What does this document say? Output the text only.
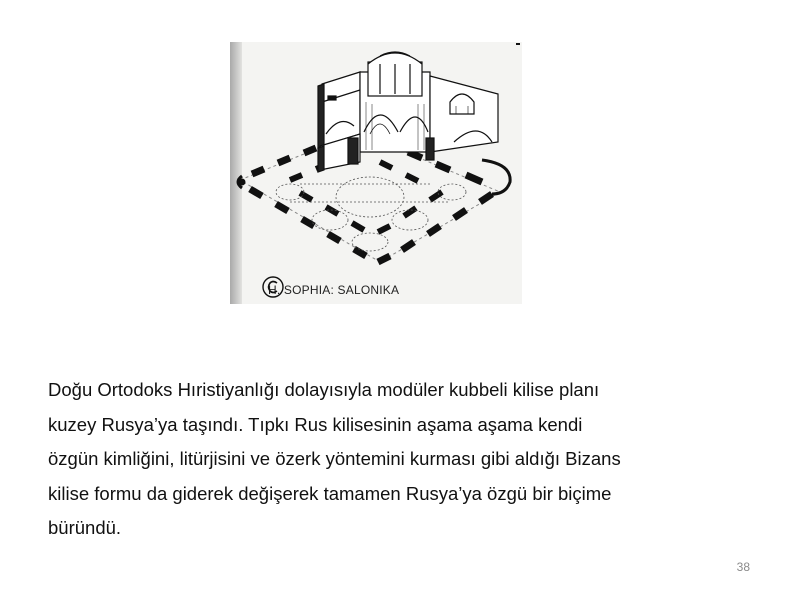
H. SOPHIA: SALONIKA
Doğu Ortodoks Hıristiyanlığı dolayısıyla modüler kubbeli kilise planı
kuzey Rusya’ya taşındı. Tıpkı Rus kilisesinin aşama aşama kendi
özgün kimliğini, litürjisini ve özerk yöntemini kurması gibi aldığı Bizans
kilise formu da giderek değişerek tamamen Rusya’ya özgü bir biçime
büründü.
38
